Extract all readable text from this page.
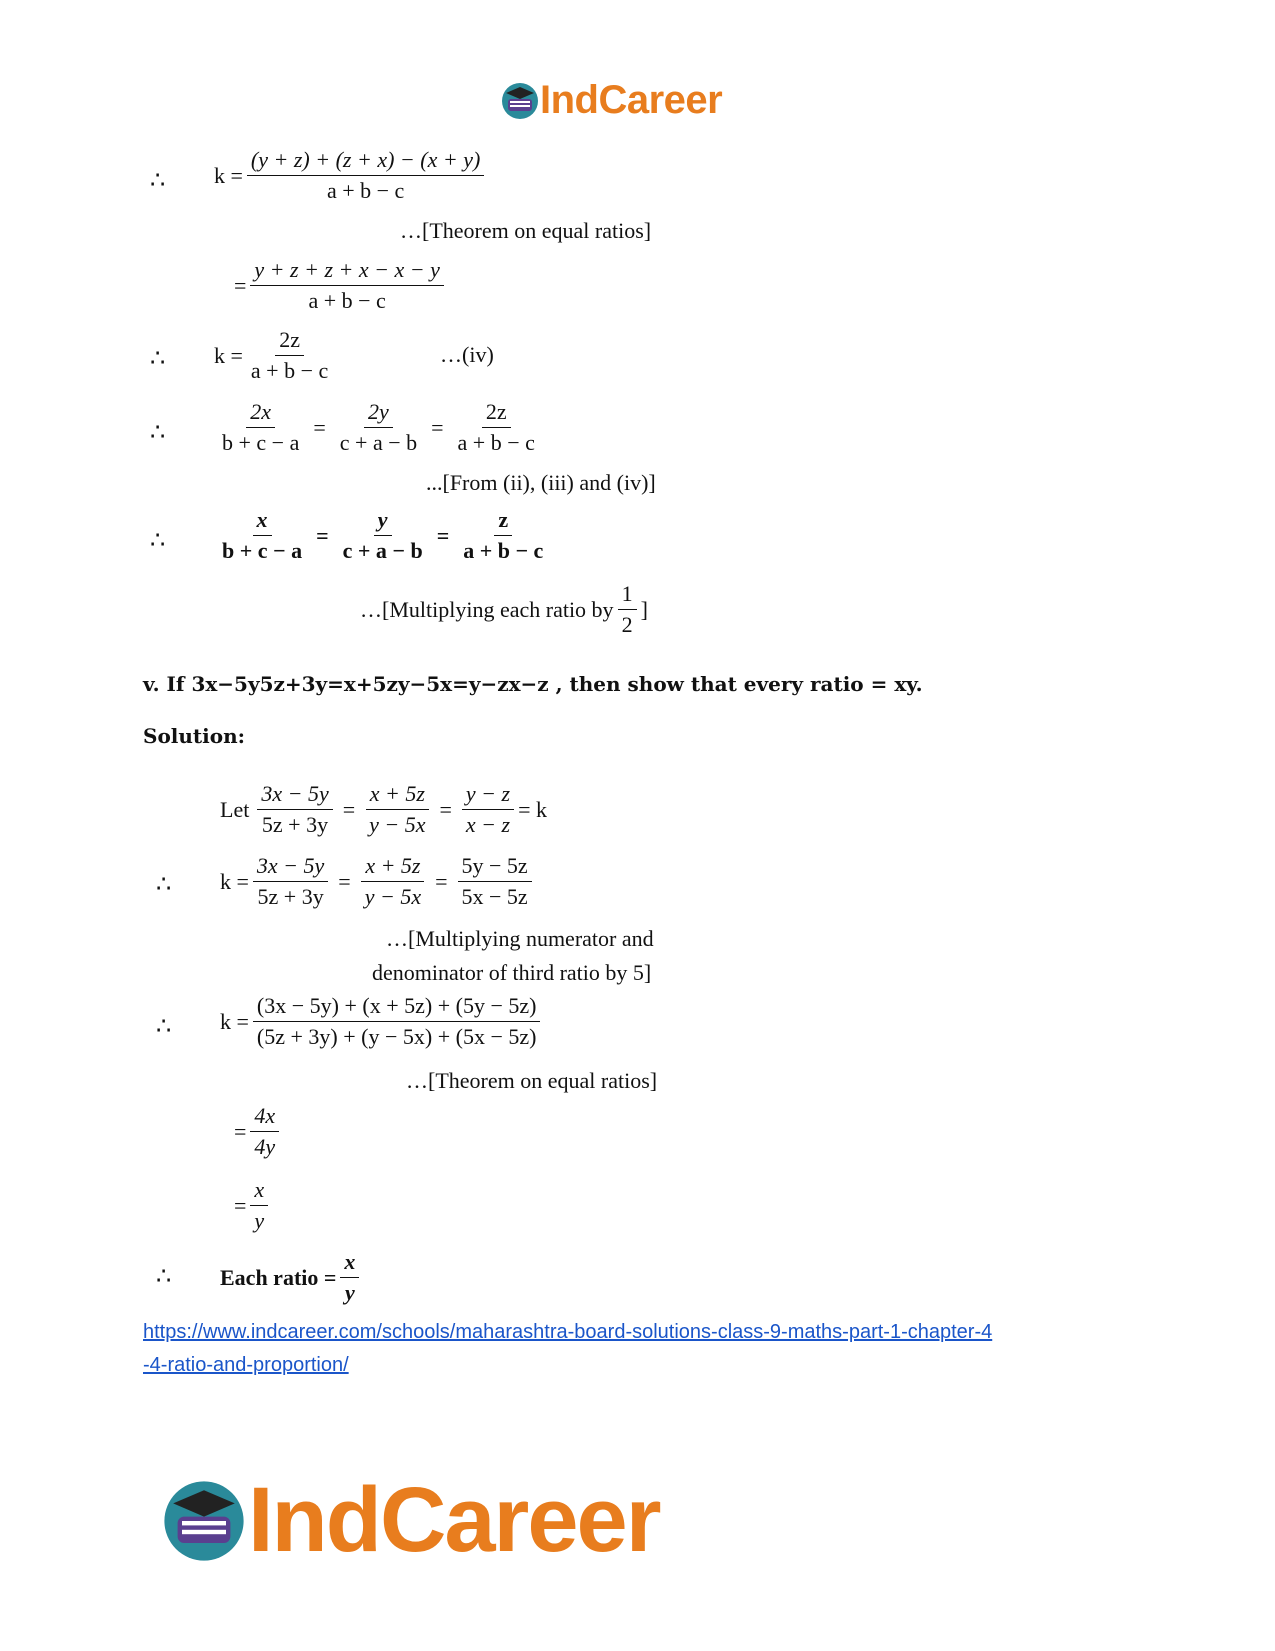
IndCareer
∴ $k = \frac{(y + z) + (z + x) - (x + y)}{a + b - c}$
…[Theorem on equal ratios]
= $\frac{y + z + z + x - x - y}{a + b - c}$
∴ $k = \frac{2z}{a + b - c}$	…(iv)
∴ $\frac{2x}{b + c - a} = \frac{2y}{c + a - b} = \frac{2z}{a + b - c}$
...[From (ii), (iii) and (iv)]
∴ $\frac{x}{b + c - a} = \frac{y}{c + a - b} = \frac{z}{a + b - c}$
…[Multiplying each ratio by $\frac{1}{2}$ ]
v. If 3x−5y5z+3y=x+5zy−5x=y−zx−z , then show that every ratio = xy.
Solution:
Let $\frac{3x - 5y}{5z + 3y} = \frac{x + 5z}{y - 5x} = \frac{y - z}{x - z} = k$
∴ $k = \frac{3x - 5y}{5z + 3y} = \frac{x + 5z}{y - 5x} = \frac{5y - 5z}{5x - 5z}$
…[Multiplying numerator and
denominator of third ratio by 5]
∴ $k = \frac{(3x - 5y) + (x + 5z) + (5y - 5z)}{(5z + 3y) + (y - 5x) + (5x - 5z)}$
…[Theorem on equal ratios]
= $\frac{4x}{4y}$
= $\frac{x}{y}$
∴ Each ratio = $\frac{x}{y}$
https://www.indcareer.com/schools/maharashtra-board-solutions-class-9-maths-part-1-chapter-4
-4-ratio-and-proportion/
IndCareer
